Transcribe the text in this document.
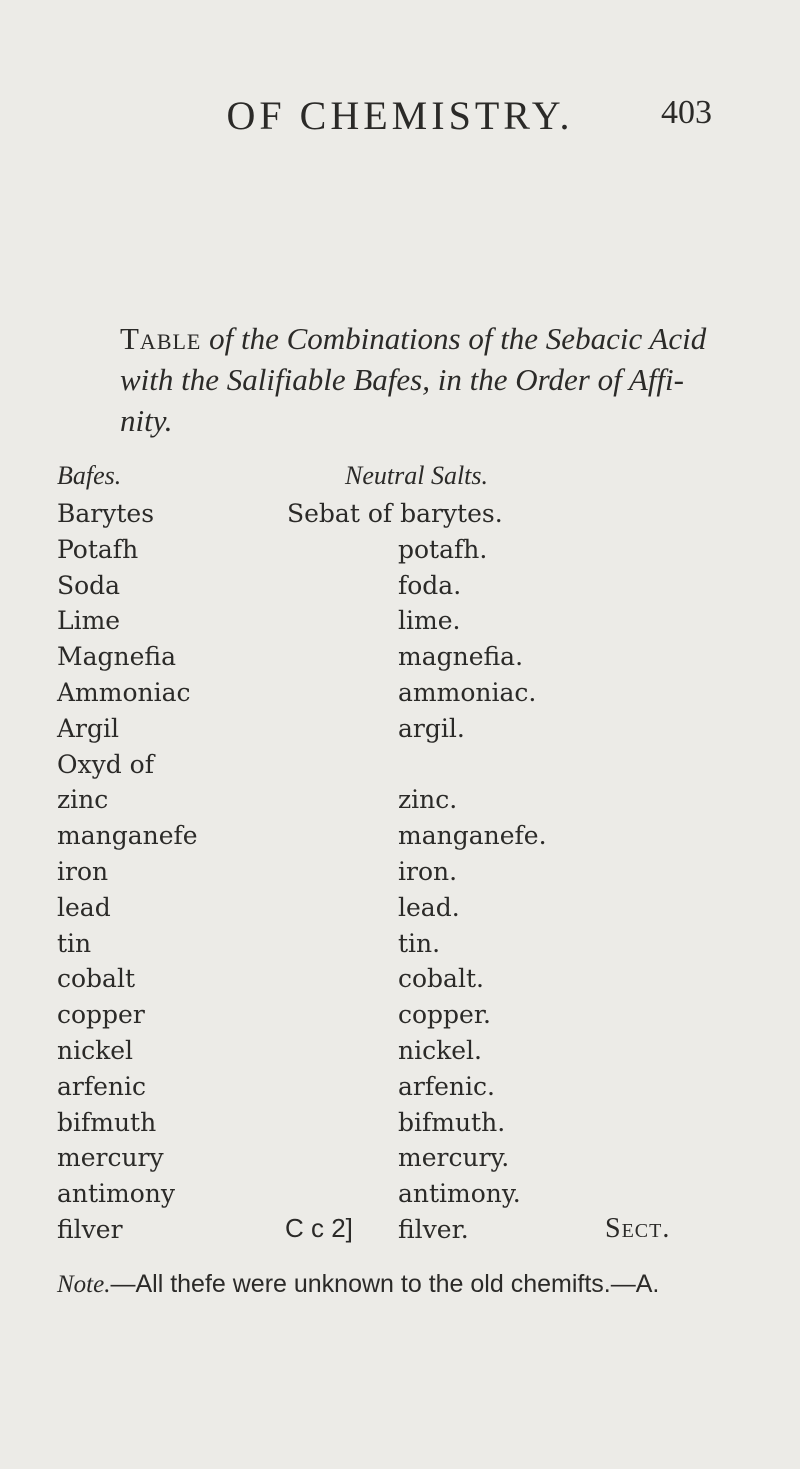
OF CHEMISTRY.	403
Table of the Combinations of the Sebacic Acid with the Salifiable Bafes, in the Order of Affi-nity.
Bafes.	Neutral Salts.
Barytes	Sebat of barytes.
Potafh	potafh.
Soda	foda.
Lime	lime.
Magnefia	magnefia.
Ammoniac	ammoniac.
Argil	argil.
Oxyd of
zinc	zinc.
manganefe	manganefe.
iron	iron.
lead	lead.
tin	tin.
cobalt	cobalt.
copper	copper.
nickel	nickel.
arfenic	arfenic.
bifmuth	bifmuth.
mercury	mercury.
antimony	antimony.
filver	filver.
C c 2]	Sect.
Note.—All thefe were unknown to the old chemifts.—A.
